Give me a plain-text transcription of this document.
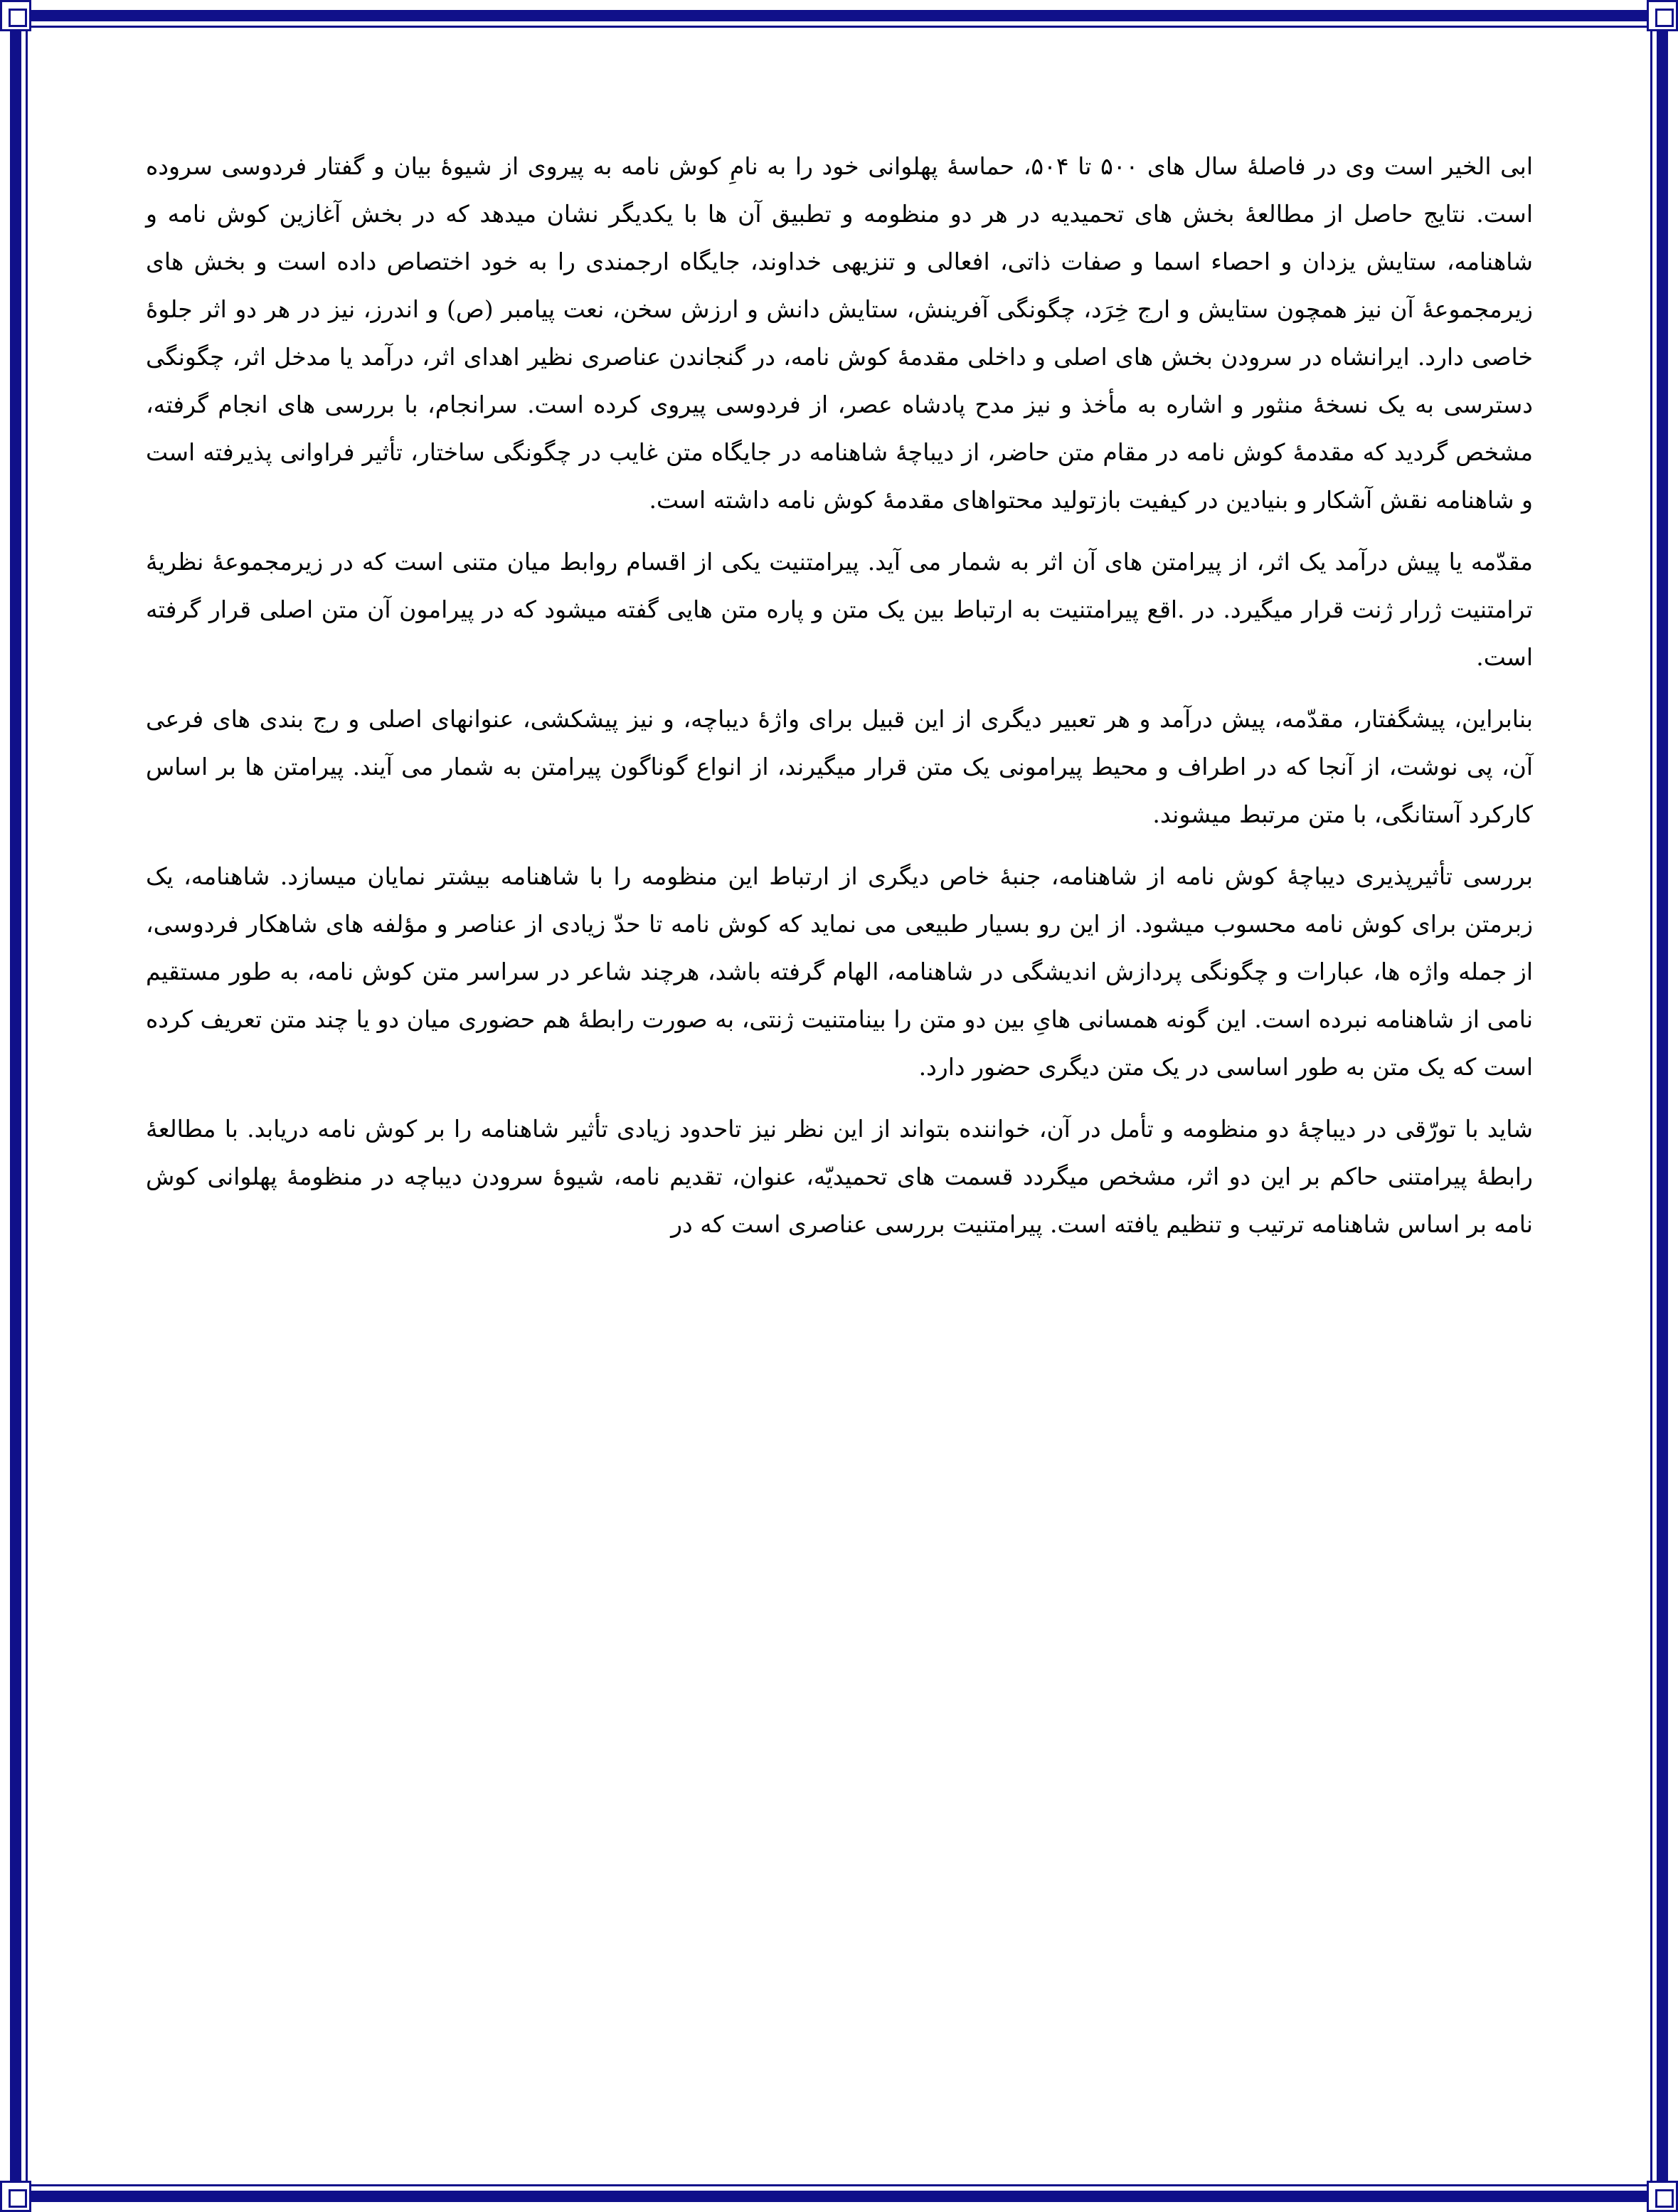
ابی الخیر است وی در فاصلهٔ سال های ۵۰۰ تا ۵۰۴، حماسهٔ پهلوانی خود را به نامِ کوش نامه به پیروی از شیوهٔ بیان و گفتار فردوسی سروده است. نتایج حاصل از مطالعهٔ بخش های تحمیدیه در هر دو منظومه و تطبیق آن ها با یکدیگر نشان میدهد که در بخش آغازین کوش نامه و شاهنامه، ستایش یزدان و احصاء اسما و صفات ذاتی، افعالی و تنزیهی خداوند، جایگاه ارجمندی را به خود اختصاص داده است و بخش های زیرمجموعهٔ آن نیز همچون ستایش و ارج خِرَد، چگونگی آفرینش، ستایش دانش و ارزش سخن، نعت پیامبر (ص) و اندرز، نیز در هر دو اثر جلوهٔ خاصی دارد. ایرانشاه در سرودن بخش های اصلی و داخلی مقدمهٔ کوش نامه، در گنجاندن عناصری نظیر اهدای اثر، درآمد یا مدخل اثر، چگونگی دسترسی به یک نسخهٔ منثور و اشاره به مأخذ و نیز مدح پادشاه عصر، از فردوسی پیروی کرده است. سرانجام، با بررسی های انجام گرفته، مشخص گردید که مقدمهٔ کوش نامه در مقام متن حاضر، از دیباچهٔ شاهنامه در جایگاه متن غایب در چگونگی ساختار، تأثیر فراوانی پذیرفته است و شاهنامه نقش آشکار و بنیادین در کیفیت بازتولید محتواهای مقدمهٔ کوش نامه داشته است.

مقدّمه یا پیش درآمد یک اثر، از پیرامتن های آن اثر به شمار می آید. پیرامتنیت یکی از اقسام روابط میان متنی است که در زیرمجموعهٔ نظریهٔ ترامتنیت ژرار ژنت قرار میگیرد. در .اقع پیرامتنیت به ارتباط بین یک متن و پاره متن هایی گفته میشود که در پیرامون آن متن اصلی قرار گرفته است.

بنابراین، پیشگفتار، مقدّمه، پیش درآمد و هر تعبیر دیگری از این قبیل برای واژهٔ دیباچه، و نیز پیشکشی، عنوانهای اصلی و رج بندی های فرعی آن، پی نوشت، از آنجا که در اطراف و محیط پیرامونی یک متن قرار میگیرند، از انواع گوناگون پیرامتن به شمار می آیند. پیرامتن ها بر اساس کارکرد آستانگی، با متن مرتبط میشوند.

بررسی تأثیرپذیری دیباچهٔ کوش نامه از شاهنامه، جنبهٔ خاص دیگری از ارتباط این منظومه را با شاهنامه بیشتر نمایان میسازد. شاهنامه، یک زبرمتن برای کوش نامه محسوب میشود. از این رو بسیار طبیعی می نماید که کوش نامه تا حدّ زیادی از عناصر و مؤلفه های شاهکار فردوسی، از جمله واژه ها، عبارات و چگونگی پردازش اندیشگی در شاهنامه، الهام گرفته باشد، هرچند شاعر در سراسر متن کوش نامه، به طور مستقیم نامی از شاهنامه نبرده است. این گونه همسانی هایِ بین دو متن را بینامتنیت ژنتی، به صورت رابطهٔ هم حضوری میان دو یا چند متن تعریف کرده است که یک متن به طور اساسی در یک متن دیگری حضور دارد.

شاید با تورّقی در دیباچهٔ دو منظومه و تأمل در آن، خواننده بتواند از این نظر نیز تاحدود زیادی تأثیر شاهنامه را بر کوش نامه دریابد. با مطالعهٔ رابطهٔ پیرامتنی حاکم بر این دو اثر، مشخص میگردد قسمت های تحمیدیّه، عنوان، تقدیم نامه، شیوهٔ سرودن دیباچه در منظومهٔ پهلوانی کوش نامه بر اساس شاهنامه ترتیب و تنظیم یافته است. پیرامتنیت بررسی عناصری است که در
